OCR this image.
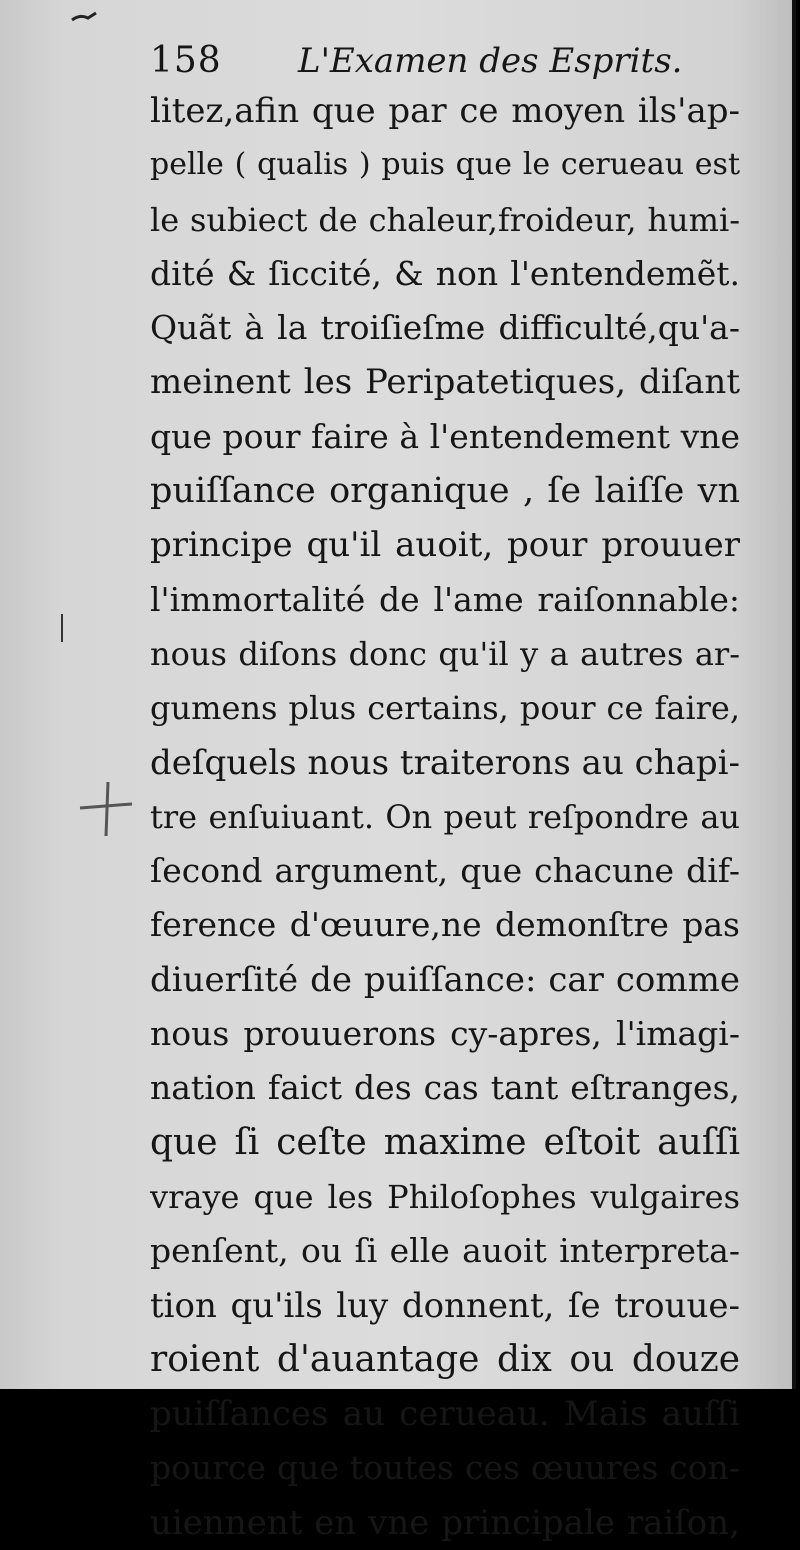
158 L'Examen des Esprits.
litez,afin que par ce moyen ils'ap-
pelle ( qualis ) puis que le cerueau est
le subiect de chaleur,froideur, humi-
dité & ſiccité, & non l'entendemẽt.
Quãt à la troiſieſme difficulté,qu'a-
meinent les Peripatetiques, diſant
que pour faire à l'entendement vne
puiſſance organique , ſe laiſſe vn
principe qu'il auoit, pour prouuer
l'immortalité de l'ame raiſonnable:
nous diſons donc qu'il y a autres ar-
gumens plus certains, pour ce faire,
deſquels nous traiterons au chapi-
tre enſuiuant. On peut reſpondre au
ſecond argument, que chacune dif-
ference d'œuure,ne demonſtre pas
diuerſité de puiſſance: car comme
nous prouuerons cy-apres, l'imagi-
nation faict des cas tant eſtranges,
que ſi ceſte maxime eſtoit auſſi
vraye que les Philoſophes vulgaires
penſent, ou ſi elle auoit interpreta-
tion qu'ils luy donnent, ſe trouue-
roient d'auantage dix ou douze
puiſſances au cerueau. Mais auſſi
pource que toutes ces œuures con-
uiennent en vne principale raiſon,
